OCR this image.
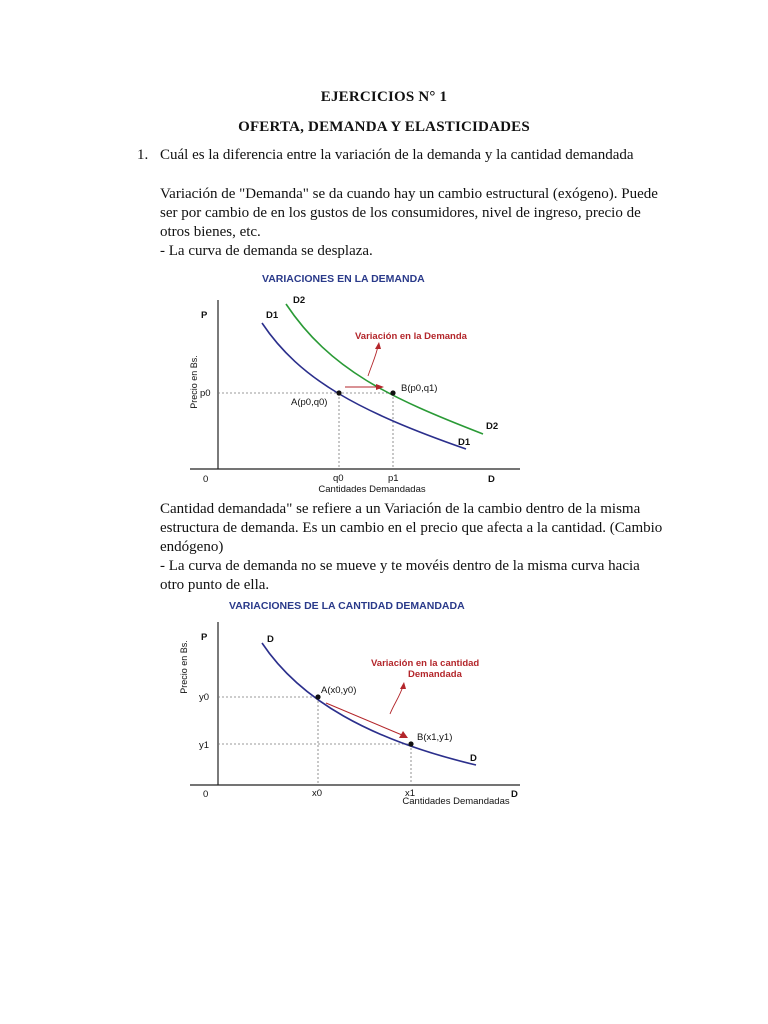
EJERCICIOS N° 1
OFERTA, DEMANDA Y ELASTICIDADES
1. Cuál es la diferencia entre la variación de la demanda y la cantidad demandada
Variación de "Demanda" se da cuando hay un cambio estructural (exógeno). Puede
ser por cambio de en los gustos de los consumidores, nivel de ingreso, precio de
otros bienes, etc.
- La curva de demanda se desplaza.
VARIACIONES EN LA DEMANDA
P
Precio en Bs.
0	D
Cantidades Demandadas
p0
q0	p1
D1
D2
D2
D1
A(p0,q0)
B(p0,q1)
Variación en la Demanda
Cantidad demandada" se refiere a un Variación de la cambio dentro de la misma
estructura de demanda. Es un cambio en el precio que afecta a la cantidad. (Cambio
endógeno)
- La curva de demanda no se mueve y te movéis dentro de la misma curva hacia
otro punto de ella.
VARIACIONES DE LA CANTIDAD DEMANDADA
P
Precio en Bs.
0	D
Cantidades Demandadas
y0
y1
x0	x1
D
D
A(x0,y0)
B(x1,y1)
Variación en la cantidad
Demandada
